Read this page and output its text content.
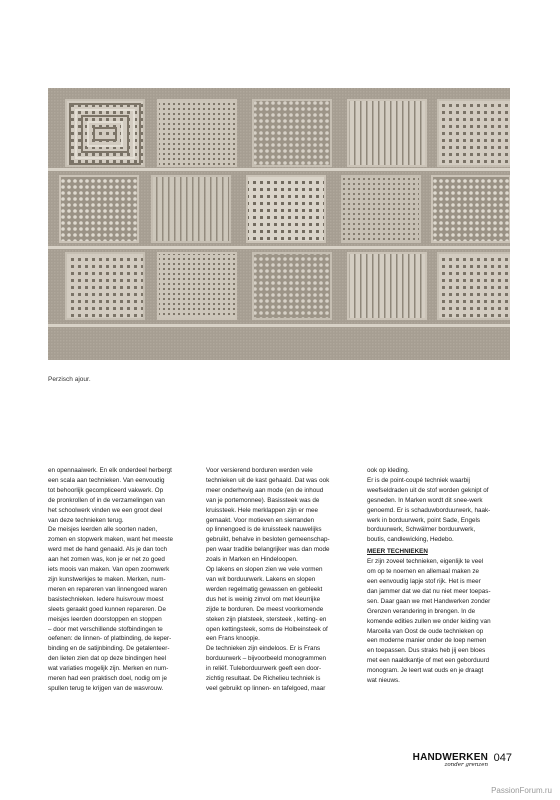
Perzisch ajour.

en opennaaiwerk. En elk onderdeel herbergt
een scala aan technieken. Van eenvoudig
tot behoorlijk gecompliceerd vakwerk. Op
de pronkrollen of in de verzamelingen van
het schoolwerk vinden we een groot deel
van deze technieken terug.
De meisjes leerden alle soorten naden,
zomen en stopwerk maken, want het meeste
werd met de hand genaaid. Als je dan toch
aan het zomen was, kon je er net zo goed
iets moois van maken. Van open zoomwerk
zijn kunstwerkjes te maken. Merken, num-
meren en repareren van linnengoed waren
basistechnieken. Iedere huisvrouw moest
sleets geraakt goed kunnen repareren. De
meisjes leerden doorstoppen en stoppen
– door met verschillende stofbindingen te
oefenen: de linnen- of platbinding, de keper-
binding en de satijnbinding. De getalenteer-
den lieten zien dat op deze bindingen heel
wat variaties mogelijk zijn. Merken en num-
meren had een praktisch doel, nodig om je
spullen terug te krijgen van de wasvrouw.

Voor versierend borduren werden vele
technieken uit de kast gehaald. Dat was ook
meer onderhevig aan mode (en de inhoud
van je portemonnee). Basissteek was de
kruissteek. Hele merklappen zijn er mee
gemaakt. Voor motieven en sierranden
op linnengoed is de kruissteek nauwelijks
gebruikt, behalve in besloten gemeenschap-
pen waar traditie belangrijker was dan mode
zoals in Marken en Hindeloopen.
Op lakens en slopen zien we vele vormen
van wit borduurwerk. Lakens en slopen
werden regelmatig gewassen en gebleekt
dus het is weinig zinvol om met kleurrijke
zijde te borduren. De meest voorkomende
steken zijn platsteek, stersteek , ketting- en
open kettingsteek, soms de Holbeinsteek of
een Frans knoopje.
De technieken zijn eindeloos. Er is Frans
borduurwerk – bijvoorbeeld monogrammen
in reliëf. Tuleborduurwerk geeft een door-
zichtig resultaat. De Richelieu techniek is
veel gebruikt op linnen- en tafelgoed, maar

ook op kleding.
Er is de point-coupé techniek waarbij
weefseldraden uit de stof worden geknipt of
gesneden. In Marken wordt dit snee-werk
genoemd. Er is schaduwborduurwerk, haak-
werk in borduurwerk, point Sade, Engels
borduurwerk, Schwälmer borduurwerk,
boutis, candlewicking, Hedebo.

MEER TECHNIEKEN

Er zijn zoveel technieken, eigenlijk te veel
om op te noemen en allemaal maken ze
een eenvoudig lapje stof rijk. Het is meer
dan jammer dat we dat nu niet meer toepas-
sen. Daar gaan we met Handwerken zonder
Grenzen verandering in brengen. In de
komende edities zullen we onder leiding van
Marcella van Oost de oude technieken op
een moderne manier onder de loep nemen
en toepassen. Dus straks heb jij een bloes
met een naaldkantje of met een geborduurd
monogram. Je leert wat ouds en je draagt
wat nieuws.

HANDWERKEN
zonder grenzen
047
PassionForum.ru
